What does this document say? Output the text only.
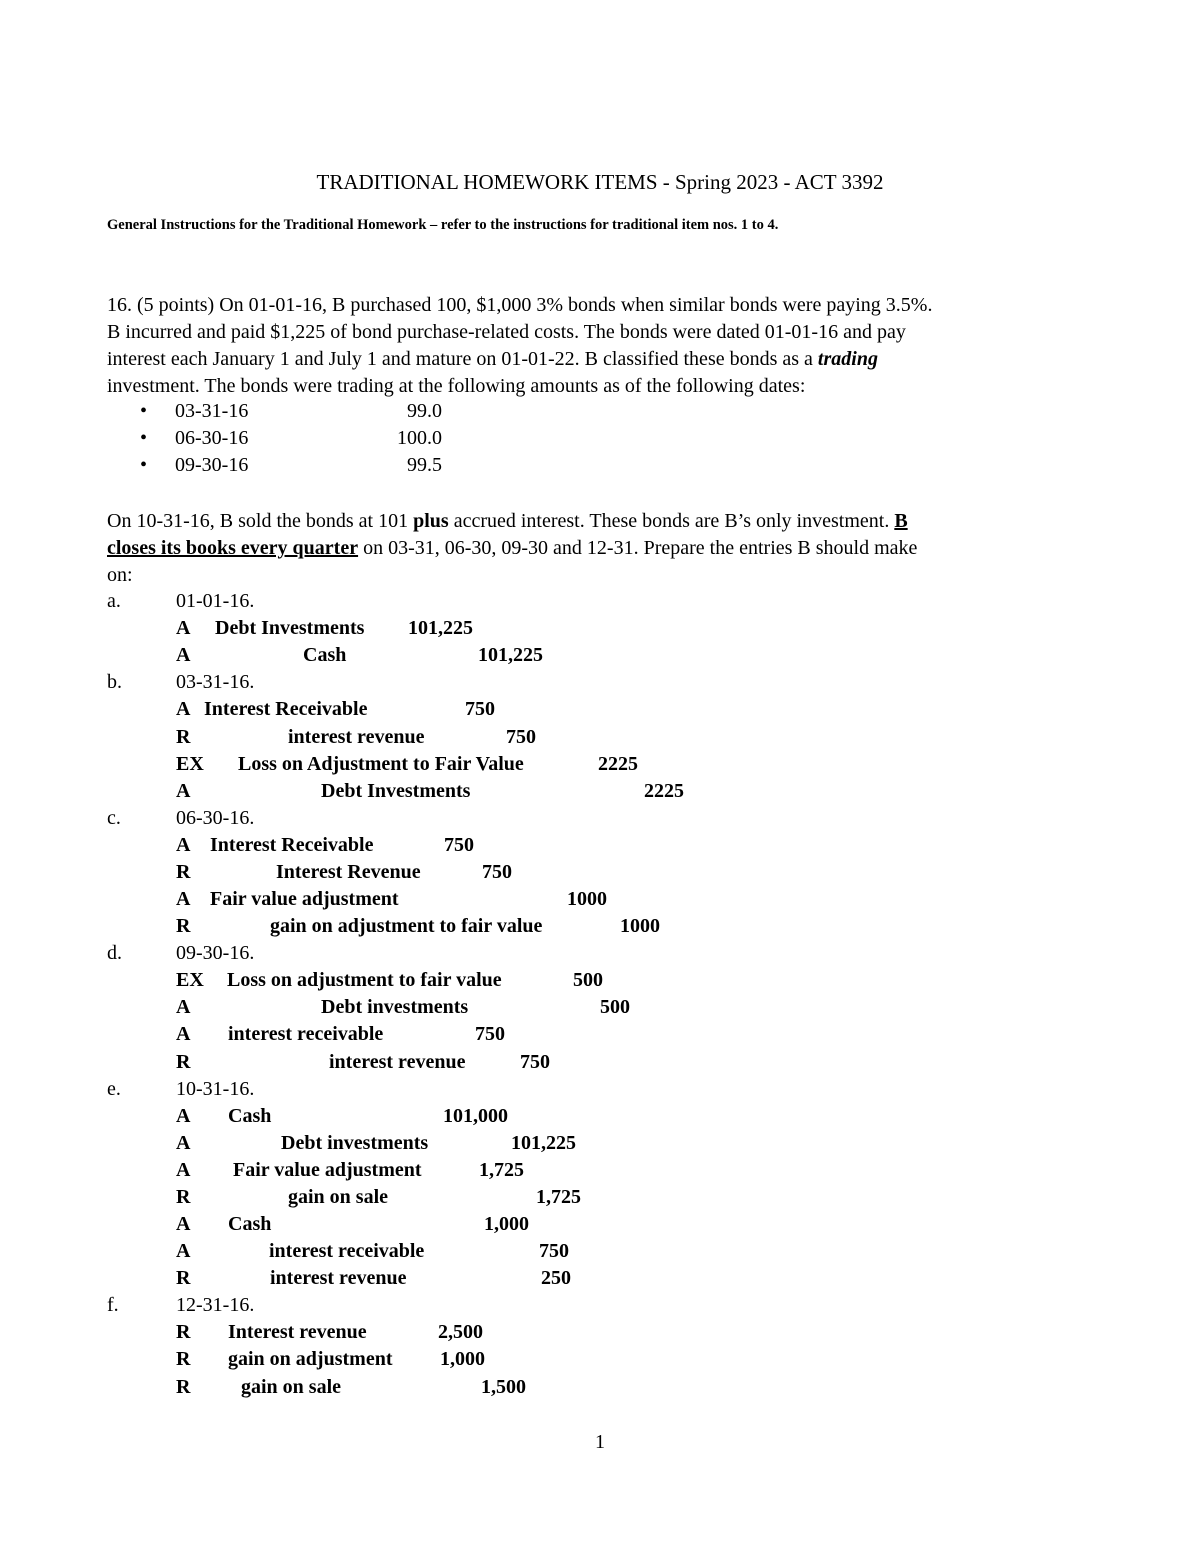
TRADITIONAL HOMEWORK ITEMS - Spring 2023 - ACT 3392
General Instructions for the Traditional Homework – refer to the instructions for traditional item nos. 1 to 4.
16. (5 points) On 01-01-16, B purchased 100, $1,000 3% bonds when similar bonds were paying 3.5%.
B incurred and paid $1,225 of bond purchase-related costs. The bonds were dated 01-01-16 and pay
interest each January 1 and July 1 and mature on 01-01-22. B classified these bonds as a trading
investment. The bonds were trading at the following amounts as of the following dates:
• 03-31-16	99.0
• 06-30-16	100.0
• 09-30-16	99.5
On 10-31-16, B sold the bonds at 101 plus accrued interest. These bonds are B’s only investment. B
closes its books every quarter on 03-31, 06-30, 09-30 and 12-31. Prepare the entries B should make
on:
a.	01-01-16.
A Debt Investments 101,225
A	Cash	101,225
b.	03-31-16.
A Interest Receivable	750
R	interest revenue	750
EX Loss on Adjustment to Fair Value	2225
A	Debt Investments	2225
c.	06-30-16.
A Interest Receivable	750
R	Interest Revenue	750
A Fair value adjustment	1000
R	gain on adjustment to fair value	1000
d.	09-30-16.
EX Loss on adjustment to fair value	500
A	Debt investments	500
A interest receivable	750
R	interest revenue	750
e.	10-31-16.
A Cash	101,000
A	Debt investments	101,225
A Fair value adjustment	1,725
R	gain on sale	1,725
A Cash	1,000
A	interest receivable	750
R	interest revenue	250
f.	12-31-16.
R Interest revenue	2,500
R gain on adjustment 1,000
R	gain on sale	1,500
1
